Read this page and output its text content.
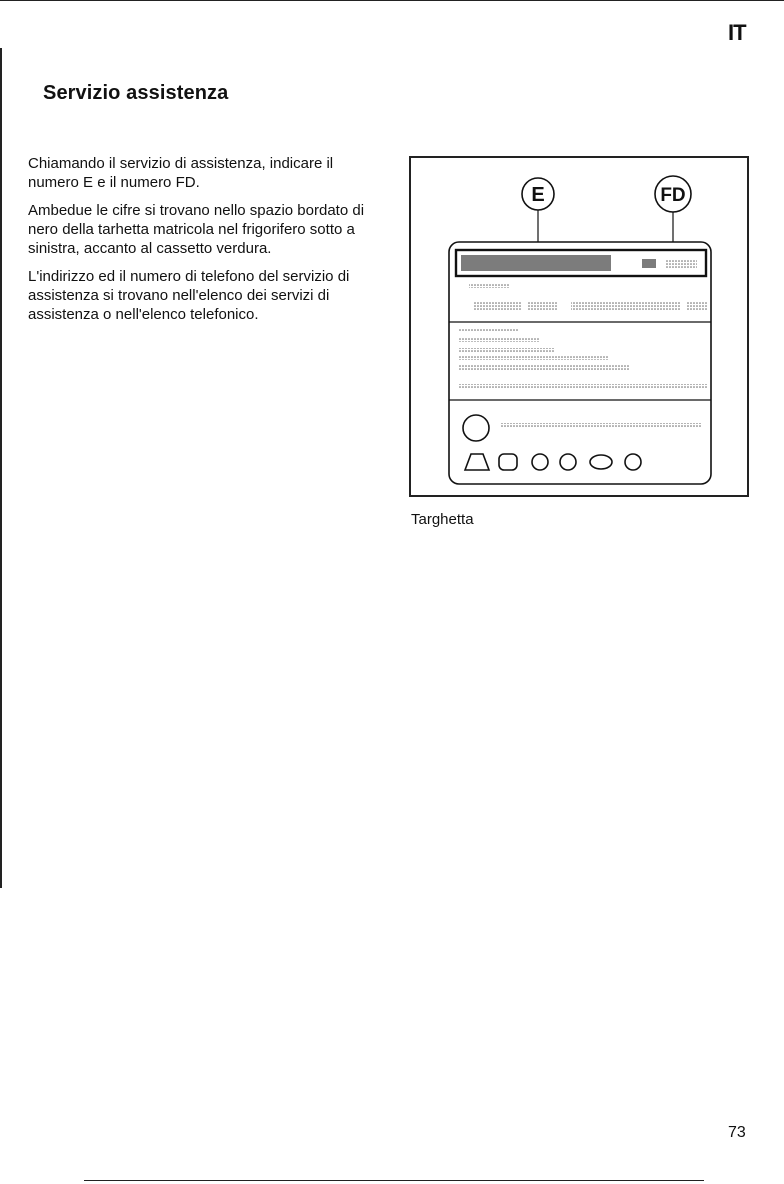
IT
Servizio assistenza

Chiamando il servizio di assistenza, indicare il numero E e il numero FD.

Ambedue le cifre si trovano nello spazio bordato di nero della tarhetta matricola nel frigorifero sotto a sinistra, accanto al cassetto verdura.

L'indirizzo ed il numero di telefono del servizio di assistenza si trovano nell'elenco dei servizi di assistenza o nell'elenco telefonico.

E	FD
Targhetta
73
